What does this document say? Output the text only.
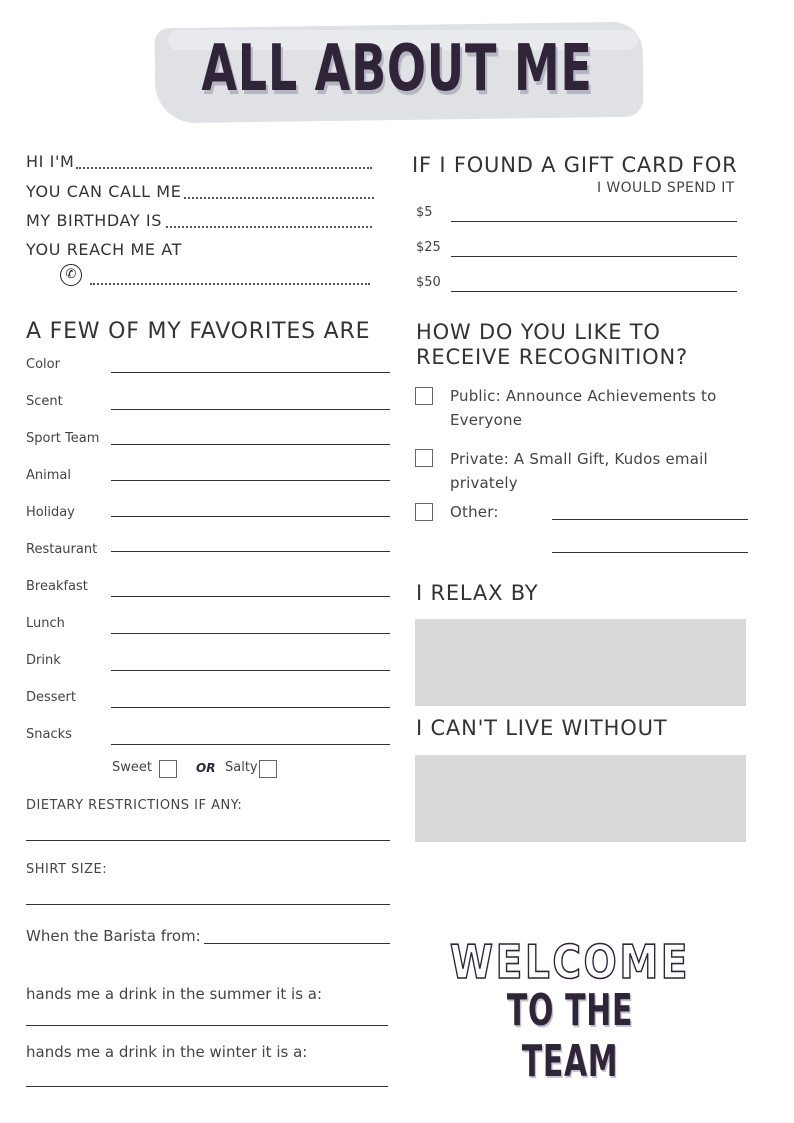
ALL ABOUT ME
HI I'M
YOU CAN CALL ME
MY BIRTHDAY IS
YOU REACH ME AT
✆
A FEW OF MY FAVORITES ARE
Color
Scent
Sport Team
Animal
Holiday
Restaurant
Breakfast
Lunch
Drink
Dessert
Snacks
Sweet	OR Salty
DIETARY RESTRICTIONS IF ANY:
SHIRT SIZE:
When the Barista from:
hands me a drink in the summer it is a:
hands me a drink in the winter it is a:
IF I FOUND A GIFT CARD FOR
I WOULD SPEND IT
$5
$25
$50
HOW DO YOU LIKE TO
RECEIVE RECOGNITION?
Public: Announce Achievements to
Everyone
Private: A Small Gift, Kudos email
privately
Other:
I RELAX BY
I CAN'T LIVE WITHOUT
WELCOME
TO THE TEAM
